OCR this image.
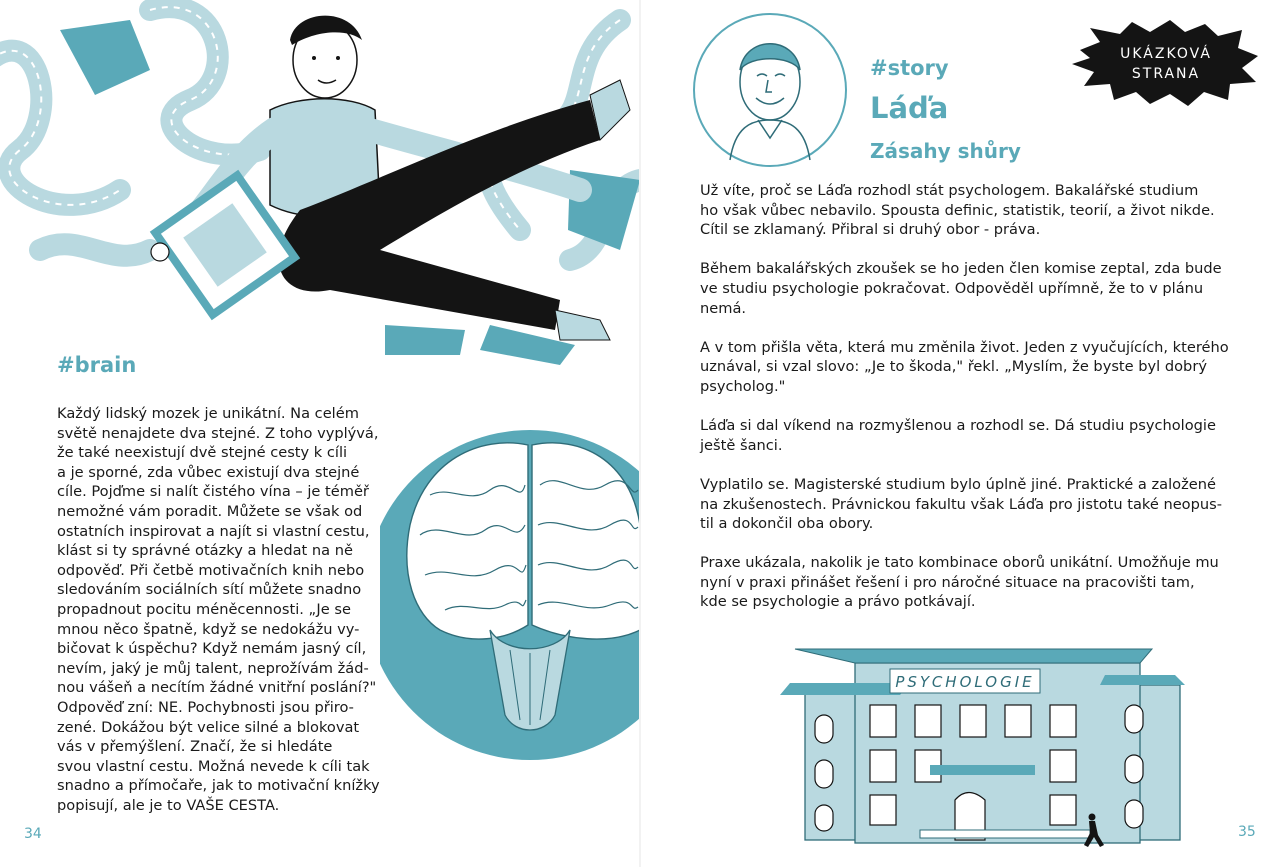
#brain

Každý lidský mozek je unikátní. Na celém
světě nenajdete dva stejné. Z toho vyplývá,
že také neexistují dvě stejné cesty k cíli
a je sporné, zda vůbec existují dva stejné
cíle. Pojďme si nalít čistého vína – je téměř
nemožné vám poradit. Můžete se však od
ostatních inspirovat a najít si vlastní cestu,
klást si ty správné otázky a hledat na ně
odpověď. Při četbě motivačních knih nebo
sledováním sociálních sítí můžete snadno
propadnout pocitu méněcennosti. „Je se
mnou něco špatně, když se nedokážu vy-
bičovat k úspěchu? Když nemám jasný cíl,
nevím, jaký je můj talent, neprožívám žád-
nou vášeň a necítím žádné vnitřní poslání?"
Odpověď zní: NE. Pochybnosti jsou přiro-
zené. Dokážou být velice silné a blokovat
vás v přemýšlení. Značí, že si hledáte
svou vlastní cestu. Možná nevede k cíli tak
snadno a přímočaře, jak to motivační knížky
popisují, ale je to VAŠE CESTA.

34
UKÁZKOVÁ
STRANA
#story
Láďa
Zásahy shůry

Už víte, proč se Láďa rozhodl stát psychologem. Bakalářské studium
ho však vůbec nebavilo. Spousta definic, statistik, teorií, a život nikde.
Cítil se zklamaný. Přibral si druhý obor - práva.

Během bakalářských zkoušek se ho jeden člen komise zeptal, zda bude
ve studiu psychologie pokračovat. Odpověděl upřímně, že to v plánu
nemá.

A v tom přišla věta, která mu změnila život. Jeden z vyučujících, kterého
uznával, si vzal slovo: „Je to škoda," řekl. „Myslím, že byste byl dobrý
psycholog."

Láďa si dal víkend na rozmyšlenou a rozhodl se. Dá studiu psychologie
ještě šanci.

Vyplatilo se. Magisterské studium bylo úplně jiné. Praktické a založené
na zkušenostech. Právnickou fakultu však Láďa pro jistotu také neopus-
til a dokončil oba obory.

Praxe ukázala, nakolik je tato kombinace oborů unikátní. Umožňuje mu
nyní v praxi přinášet řešení i pro náročné situace na pracovišti tam,
kde se psychologie a právo potkávají.

PSYCHOLOGIE
35
